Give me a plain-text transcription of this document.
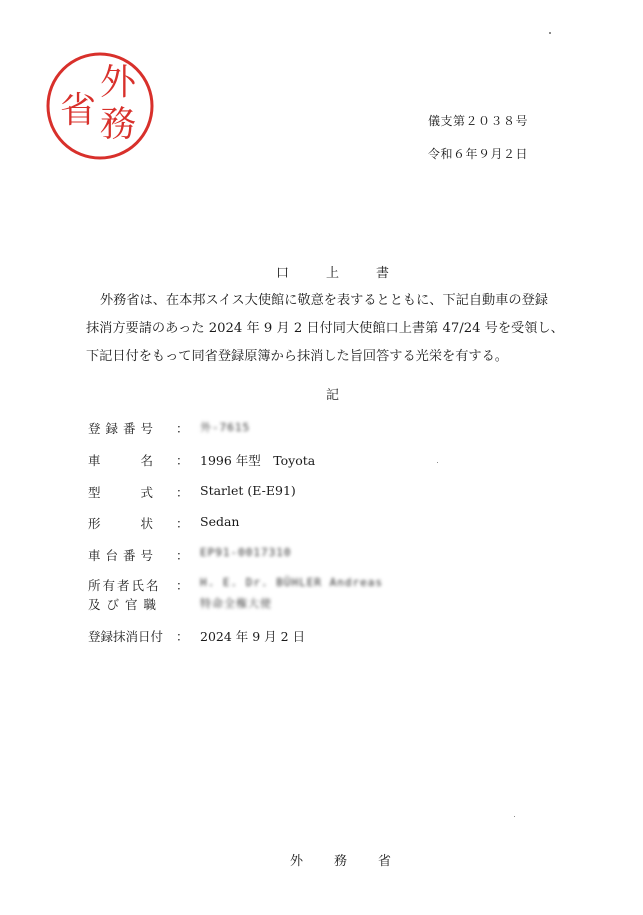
外
務
省	儀支第２０３８号
令和６年９月２日
口	上	書

外務省は、在本邦スイス大使館に敬意を表するとともに、下記自動車の登録

抹消方要請のあった 2024 年 9 月 2 日付同大使館口上書第 47/24 号を受領し、

下記日付をもって同省登録原簿から抹消した旨回答する光栄を有する。

記
登録番号 ： 外-7615
車　　名 ： 1996 年型　Toyota
型　　式 ： Starlet (E-E91)
形　　状 ： Sedan
車台番号 ： EP91-0017310
所有者氏名 ： H. E. Dr. BÜHLER Andreas
及び官職	特命全権大使
登録抹消日付 ： 2024 年 9 月 2 日
外 務 省
